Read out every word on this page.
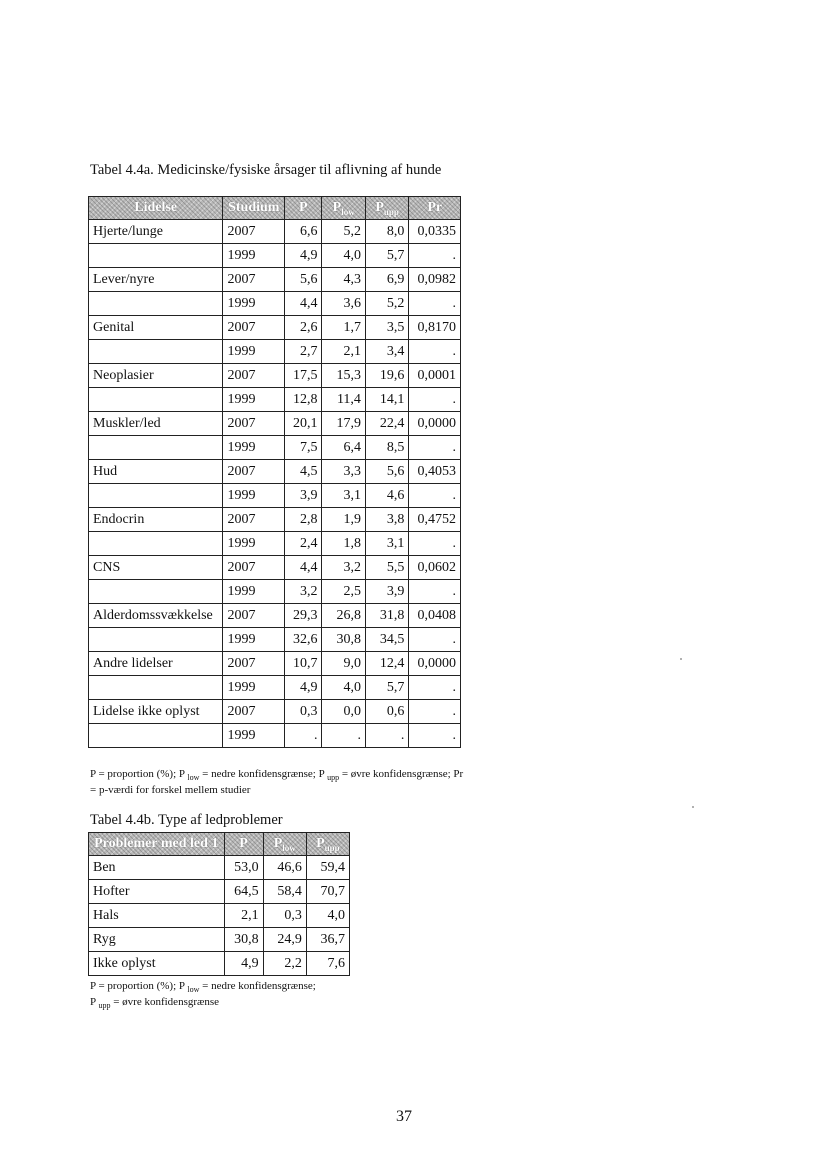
Tabel 4.4a. Medicinske/fysiske årsager til aflivning af hunde
Lidelse	Studium	P	$P_{low}$	$P_{upp}$	Pr
Hjerte/lunge	2007	6,6	5,2	8,0	0,0335
	1999	4,9	4,0	5,7	.
Lever/nyre	2007	5,6	4,3	6,9	0,0982
	1999	4,4	3,6	5,2	.
Genital	2007	2,6	1,7	3,5	0,8170
	1999	2,7	2,1	3,4	.
Neoplasier	2007	17,5	15,3	19,6	0,0001
	1999	12,8	11,4	14,1	.
Muskler/led	2007	20,1	17,9	22,4	0,0000
	1999	7,5	6,4	8,5	.
Hud	2007	4,5	3,3	5,6	0,4053
	1999	3,9	3,1	4,6	.
Endocrin	2007	2,8	1,9	3,8	0,4752
	1999	2,4	1,8	3,1	.
CNS	2007	4,4	3,2	5,5	0,0602
	1999	3,2	2,5	3,9	.
Alderdomssvækkelse	2007	29,3	26,8	31,8	0,0408
	1999	32,6	30,8	34,5	.
Andre lidelser	2007	10,7	9,0	12,4	0,0000
	1999	4,9	4,0	5,7	.
Lidelse ikke oplyst	2007	0,3	0,0	0,6	.
	1999	.	.	.	.
P = proportion (%); P $_{low}$ = nedre konfidensgrænse; P $_{upp}$ = øvre konfidensgrænse; Pr = p-værdi for forskel mellem studier
Tabel 4.4b. Type af ledproblemer
Problemer med led 1	P	$P_{low}$	$P_{upp}$
Ben	53,0	46,6	59,4
Hofter	64,5	58,4	70,7
Hals	2,1	0,3	4,0
Ryg	30,8	24,9	36,7
Ikke oplyst	4,9	2,2	7,6
P = proportion (%); P $_{low}$ = nedre konfidensgrænse;
P $_{upp}$ = øvre konfidensgrænse
37
